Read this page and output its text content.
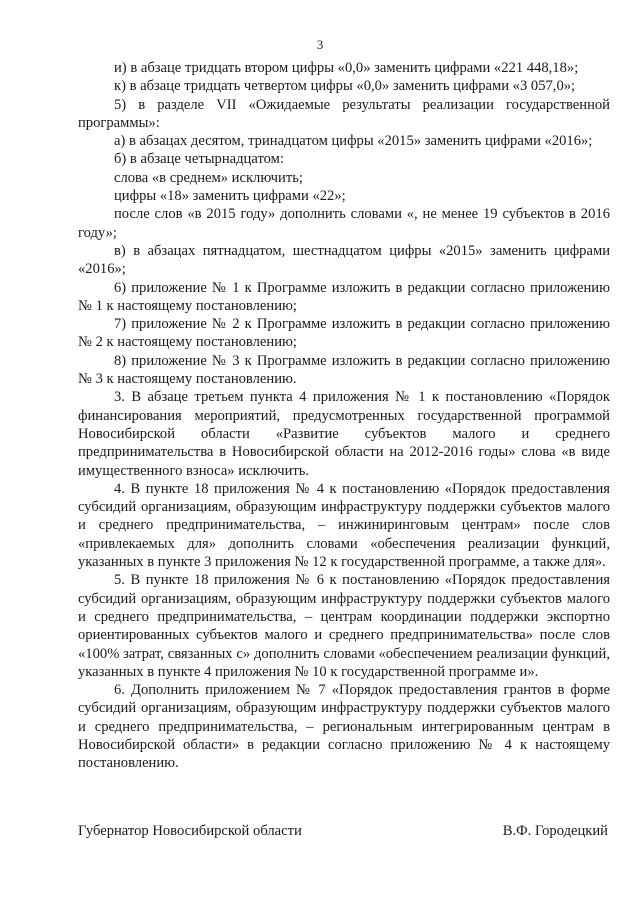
3

и) в абзаце тридцать втором цифры «0,0» заменить цифрами «221 448,18»;

к) в абзаце тридцать четвертом цифры «0,0» заменить цифрами «3 057,0»;

5) в разделе VII «Ожидаемые результаты реализации государственной программы»:

а) в абзацах десятом, тринадцатом цифры «2015» заменить цифрами «2016»;

б) в абзаце четырнадцатом:

слова «в среднем» исключить;

цифры «18» заменить цифрами «22»;

после слов «в 2015 году» дополнить словами «, не менее 19 субъектов в 2016 году»;

в) в абзацах пятнадцатом, шестнадцатом цифры «2015» заменить цифрами «2016»;

6) приложение № 1 к Программе изложить в редакции согласно приложению № 1 к настоящему постановлению;

7) приложение № 2 к Программе изложить в редакции согласно приложению № 2 к настоящему постановлению;

8) приложение № 3 к Программе изложить в редакции согласно приложению № 3 к настоящему постановлению.

3. В абзаце третьем пункта 4 приложения № 1 к постановлению «Порядок финансирования мероприятий, предусмотренных государственной программой Новосибирской области «Развитие субъектов малого и среднего предпринимательства в Новосибирской области на 2012-2016 годы» слова «в виде имущественного взноса» исключить.

4. В пункте 18 приложения № 4 к постановлению «Порядок предоставления субсидий организациям, образующим инфраструктуру поддержки субъектов малого и среднего предпринимательства, – инжиниринговым центрам» после слов «привлекаемых для» дополнить словами «обеспечения реализации функций, указанных в пункте 3 приложения № 12 к государственной программе, а также для».

5. В пункте 18 приложения № 6 к постановлению «Порядок предоставления субсидий организациям, образующим инфраструктуру поддержки субъектов малого и среднего предпринимательства, – центрам координации поддержки экспортно ориентированных субъектов малого и среднего предпринимательства» после слов «100% затрат, связанных с» дополнить словами «обеспечением реализации функций, указанных в пункте 4 приложения № 10 к государственной программе и».

6. Дополнить приложением № 7 «Порядок предоставления грантов в форме субсидий организациям, образующим инфраструктуру поддержки субъектов малого и среднего предпринимательства, – региональным интегрированным центрам в Новосибирской области» в редакции согласно приложению № 4 к настоящему постановлению.

Губернатор Новосибирской области	В.Ф. Городецкий
